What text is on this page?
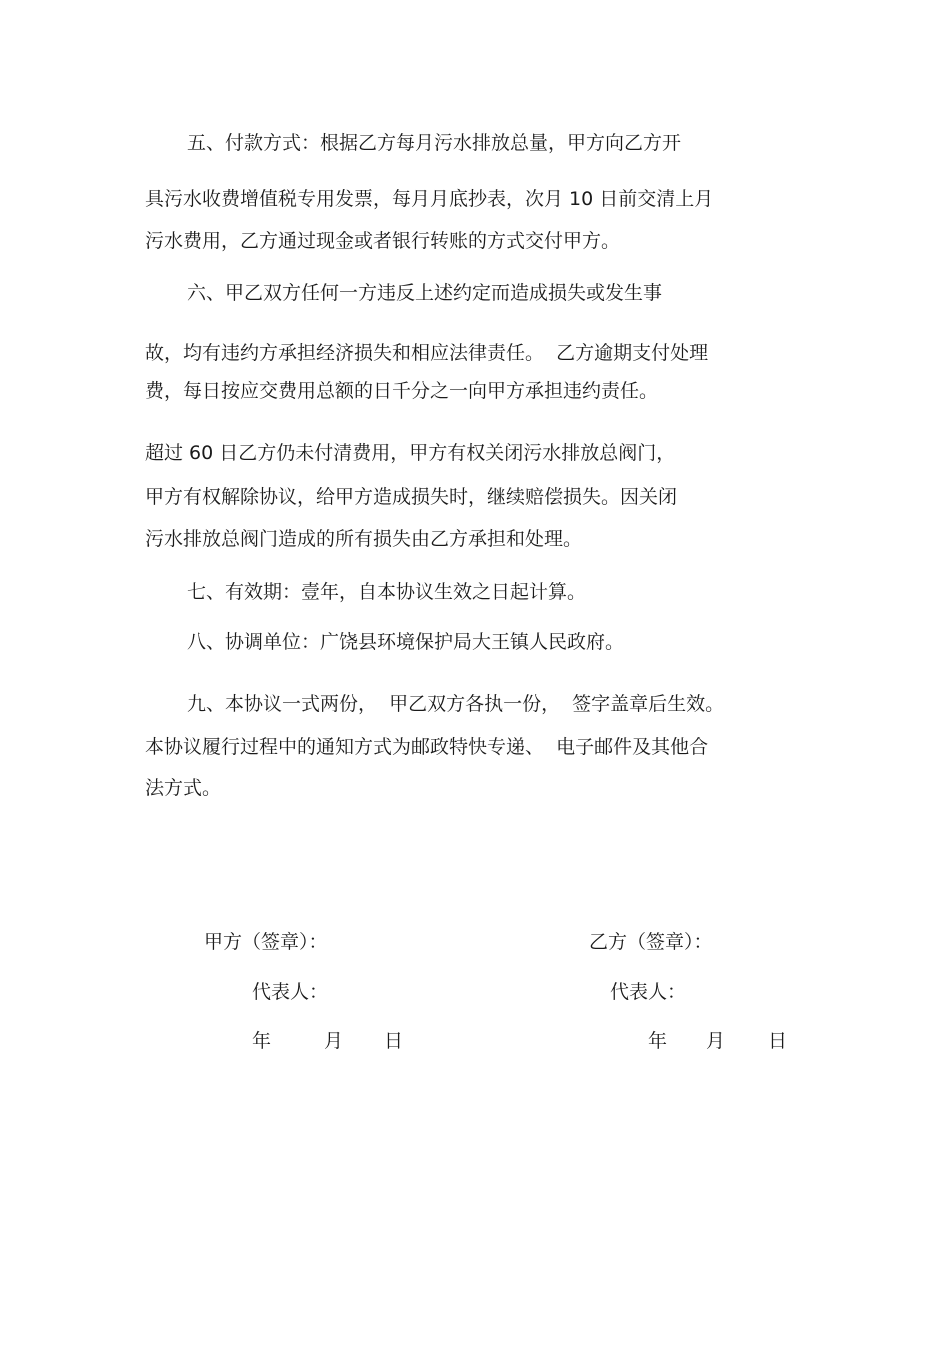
五、付款方式：根据乙方每月污水排放总量，甲方向乙方开
具污水收费增值税专用发票，每月月底抄表，次月 10 日前交清上月
污水费用，乙方通过现金或者银行转账的方式交付甲方。
六、甲乙双方任何一方违反上述约定而造成损失或发生事
故，均有违约方承担经济损失和相应法律责任。  乙方逾期支付处理
费，每日按应交费用总额的日千分之一向甲方承担违约责任。
超过 60 日乙方仍未付清费用，甲方有权关闭污水排放总阀门，
甲方有权解除协议，给甲方造成损失时，继续赔偿损失。因关闭
污水排放总阀门造成的所有损失由乙方承担和处理。
七、有效期：壹年，自本协议生效之日起计算。
八、协调单位：广饶县环境保护局大王镇人民政府。
九、本协议一式两份，  甲乙双方各执一份，  签字盖章后生效。
本协议履行过程中的通知方式为邮政特快专递、  电子邮件及其他合
法方式。
甲方（签章）：
代表人：
年	月 日
乙方（签章）：
代表人：
年 月 日
